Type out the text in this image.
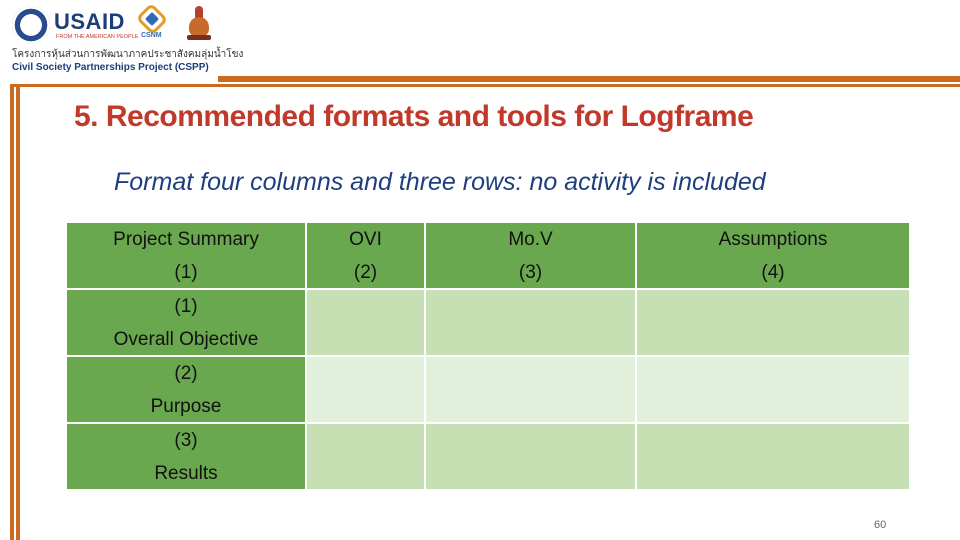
USAID
FROM THE AMERICAN PEOPLE CSNM
โครงการหุ้นส่วนการพัฒนาภาคประชาสังคมลุ่มน้ำโขง
Civil Society Partnerships Project (CSPP)
5. Recommended formats and tools for Logframe
Format four columns and three rows: no activity is included
Project Summary
(1)
OVI
(2)
Mo.V
(3)
Assumptions
(4)
(1)
Overall Objective
(2)
Purpose
(3)
Results
60
